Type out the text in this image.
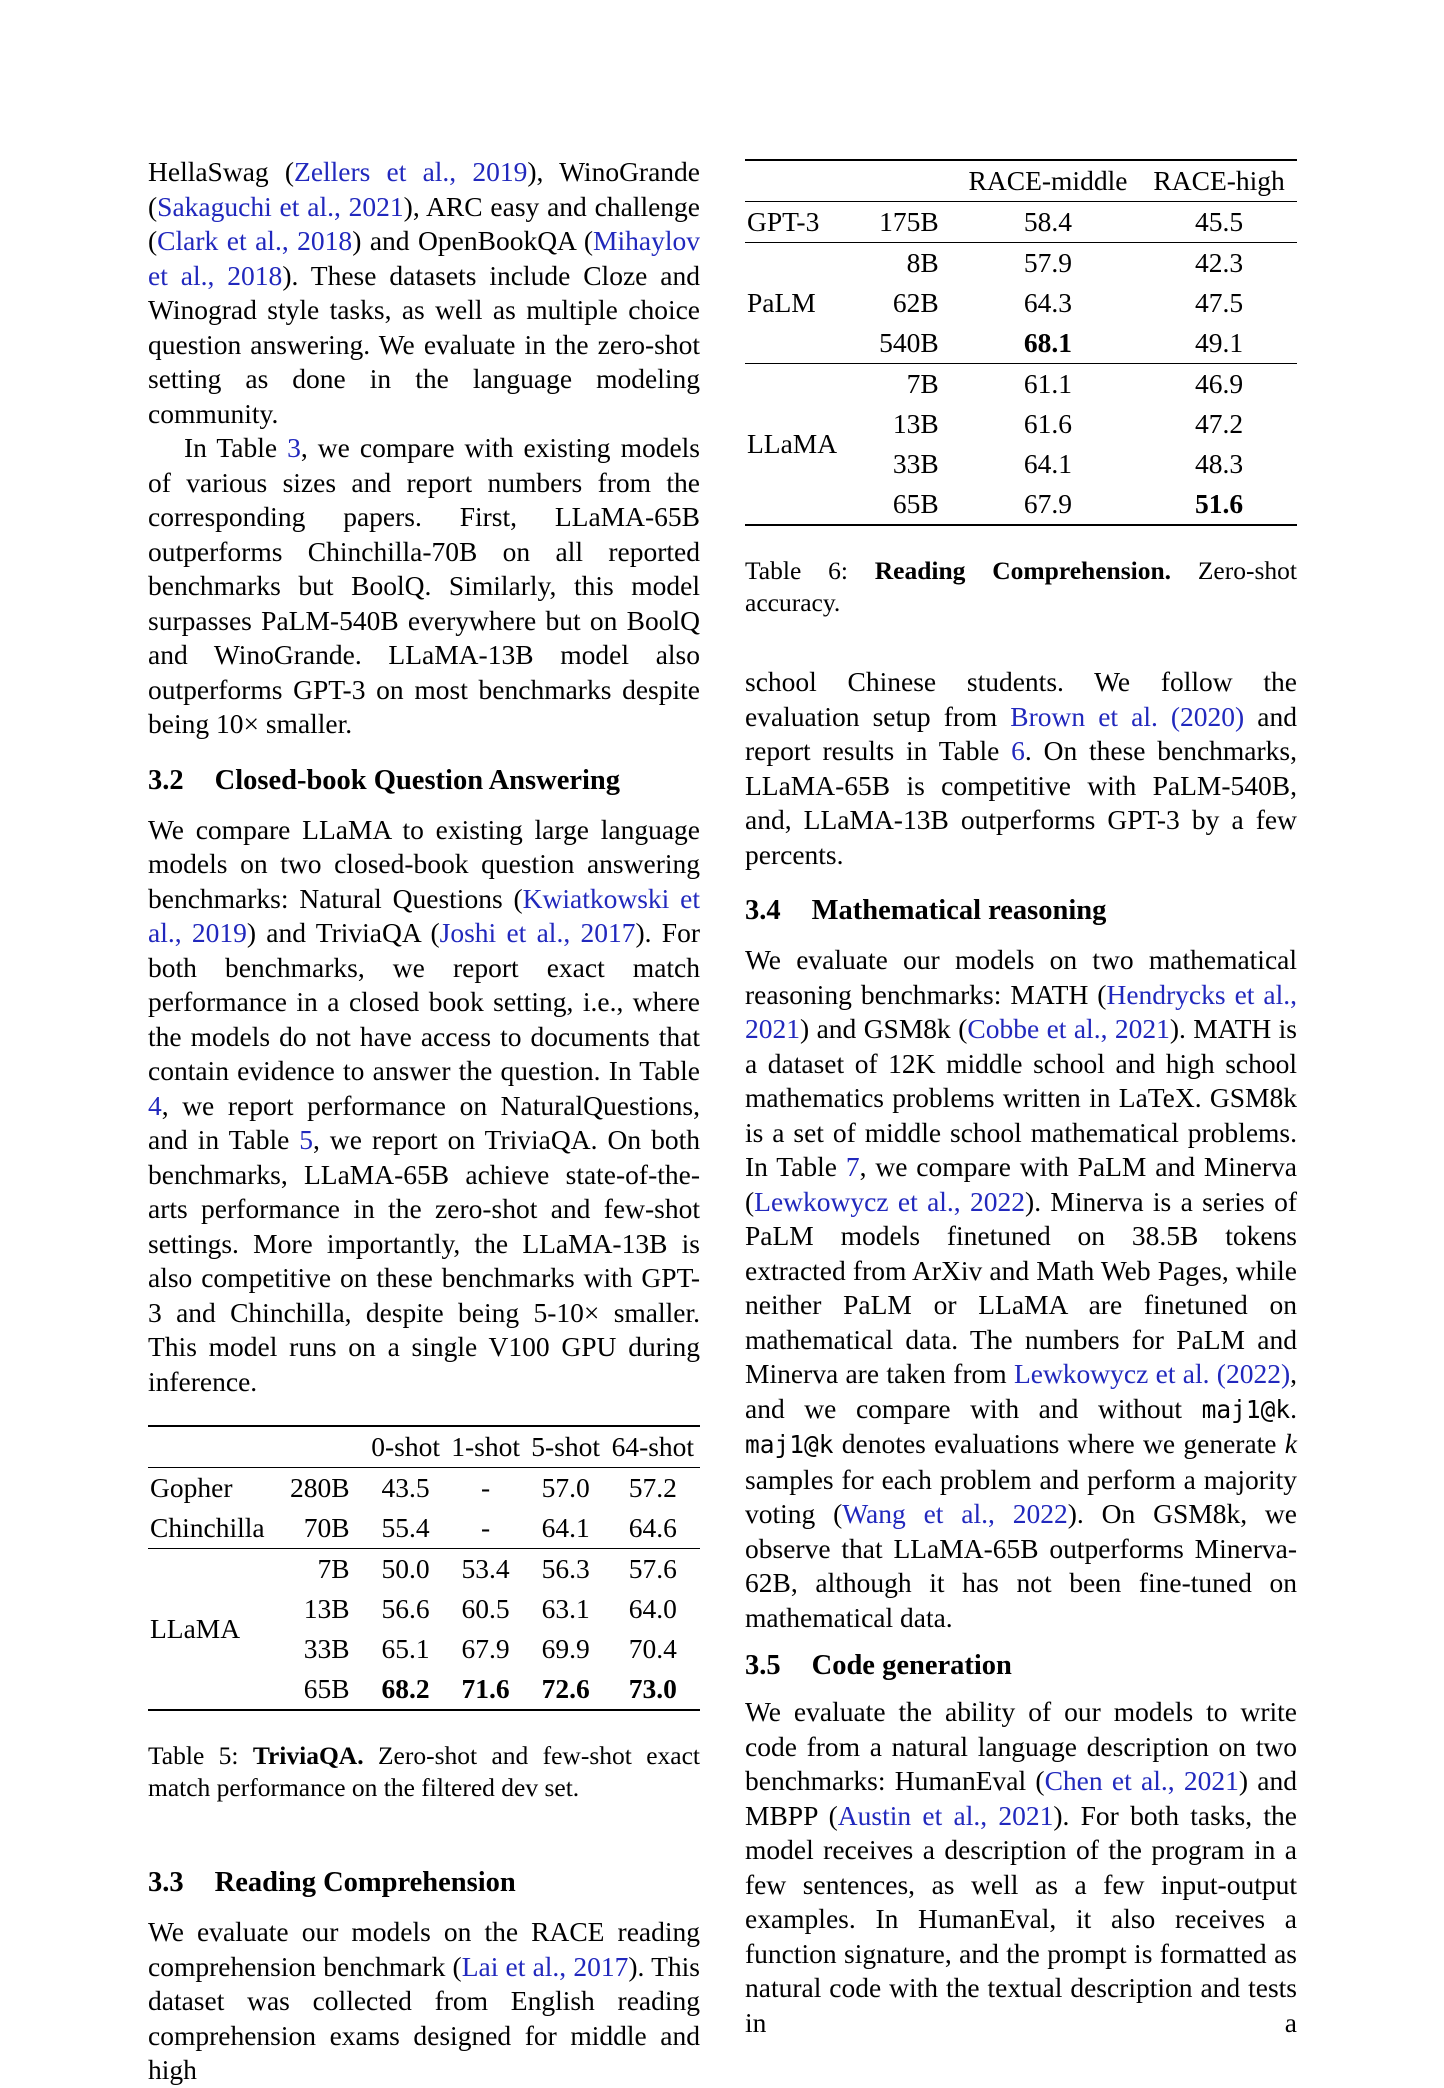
HellaSwag (Zellers et al., 2019), WinoGrande (Sakaguchi et al., 2021), ARC easy and challenge (Clark et al., 2018) and OpenBookQA (Mihaylov et al., 2018). These datasets include Cloze and Winograd style tasks, as well as multiple choice question answering. We evaluate in the zero-shot setting as done in the language modeling community.

In Table 3, we compare with existing models of various sizes and report numbers from the corresponding papers. First, LLaMA-65B outperforms Chinchilla-70B on all reported benchmarks but BoolQ. Similarly, this model surpasses PaLM-540B everywhere but on BoolQ and WinoGrande. LLaMA-13B model also outperforms GPT-3 on most benchmarks despite being 10× smaller.

3.2 Closed-book Question Answering

We compare LLaMA to existing large language models on two closed-book question answering benchmarks: Natural Questions (Kwiatkowski et al., 2019) and TriviaQA (Joshi et al., 2017). For both benchmarks, we report exact match performance in a closed book setting, i.e., where the models do not have access to documents that contain evidence to answer the question. In Table 4, we report performance on NaturalQuestions, and in Table 5, we report on TriviaQA. On both benchmarks, LLaMA-65B achieve state-of-the-arts performance in the zero-shot and few-shot settings. More importantly, the LLaMA-13B is also competitive on these benchmarks with GPT-3 and Chinchilla, despite being 5-10× smaller. This model runs on a single V100 GPU during inference.

		0-shot	1-shot	5-shot	64-shot
Gopher	280B	43.5	-	57.0	57.2
Chinchilla	70B	55.4	-	64.1	64.6
LLaMA	7B	50.0	53.4	56.3	57.6
	13B	56.6	60.5	63.1	64.0
	33B	65.1	67.9	69.9	70.4
	65B	68.2	71.6	72.6	73.0

Table 5: TriviaQA. Zero-shot and few-shot exact match performance on the filtered dev set.

3.3 Reading Comprehension

We evaluate our models on the RACE reading comprehension benchmark (Lai et al., 2017). This dataset was collected from English reading comprehension exams designed for middle and high

		RACE-middle	RACE-high
GPT-3	175B	58.4	45.5
PaLM	8B	57.9	42.3
	62B	64.3	47.5
	540B	68.1	49.1
LLaMA	7B	61.1	46.9
	13B	61.6	47.2
	33B	64.1	48.3
	65B	67.9	51.6

Table 6: Reading Comprehension. Zero-shot accuracy.

school Chinese students. We follow the evaluation setup from Brown et al. (2020) and report results in Table 6. On these benchmarks, LLaMA-65B is competitive with PaLM-540B, and, LLaMA-13B outperforms GPT-3 by a few percents.

3.4 Mathematical reasoning

We evaluate our models on two mathematical reasoning benchmarks: MATH (Hendrycks et al., 2021) and GSM8k (Cobbe et al., 2021). MATH is a dataset of 12K middle school and high school mathematics problems written in LaTeX. GSM8k is a set of middle school mathematical problems. In Table 7, we compare with PaLM and Minerva (Lewkowycz et al., 2022). Minerva is a series of PaLM models finetuned on 38.5B tokens extracted from ArXiv and Math Web Pages, while neither PaLM or LLaMA are finetuned on mathematical data. The numbers for PaLM and Minerva are taken from Lewkowycz et al. (2022), and we compare with and without maj1@k. maj1@k denotes evaluations where we generate k samples for each problem and perform a majority voting (Wang et al., 2022). On GSM8k, we observe that LLaMA-65B outperforms Minerva-62B, although it has not been fine-tuned on mathematical data.

3.5 Code generation

We evaluate the ability of our models to write code from a natural language description on two benchmarks: HumanEval (Chen et al., 2021) and MBPP (Austin et al., 2021). For both tasks, the model receives a description of the program in a few sentences, as well as a few input-output examples. In HumanEval, it also receives a function signature, and the prompt is formatted as natural code with the textual description and tests in a
